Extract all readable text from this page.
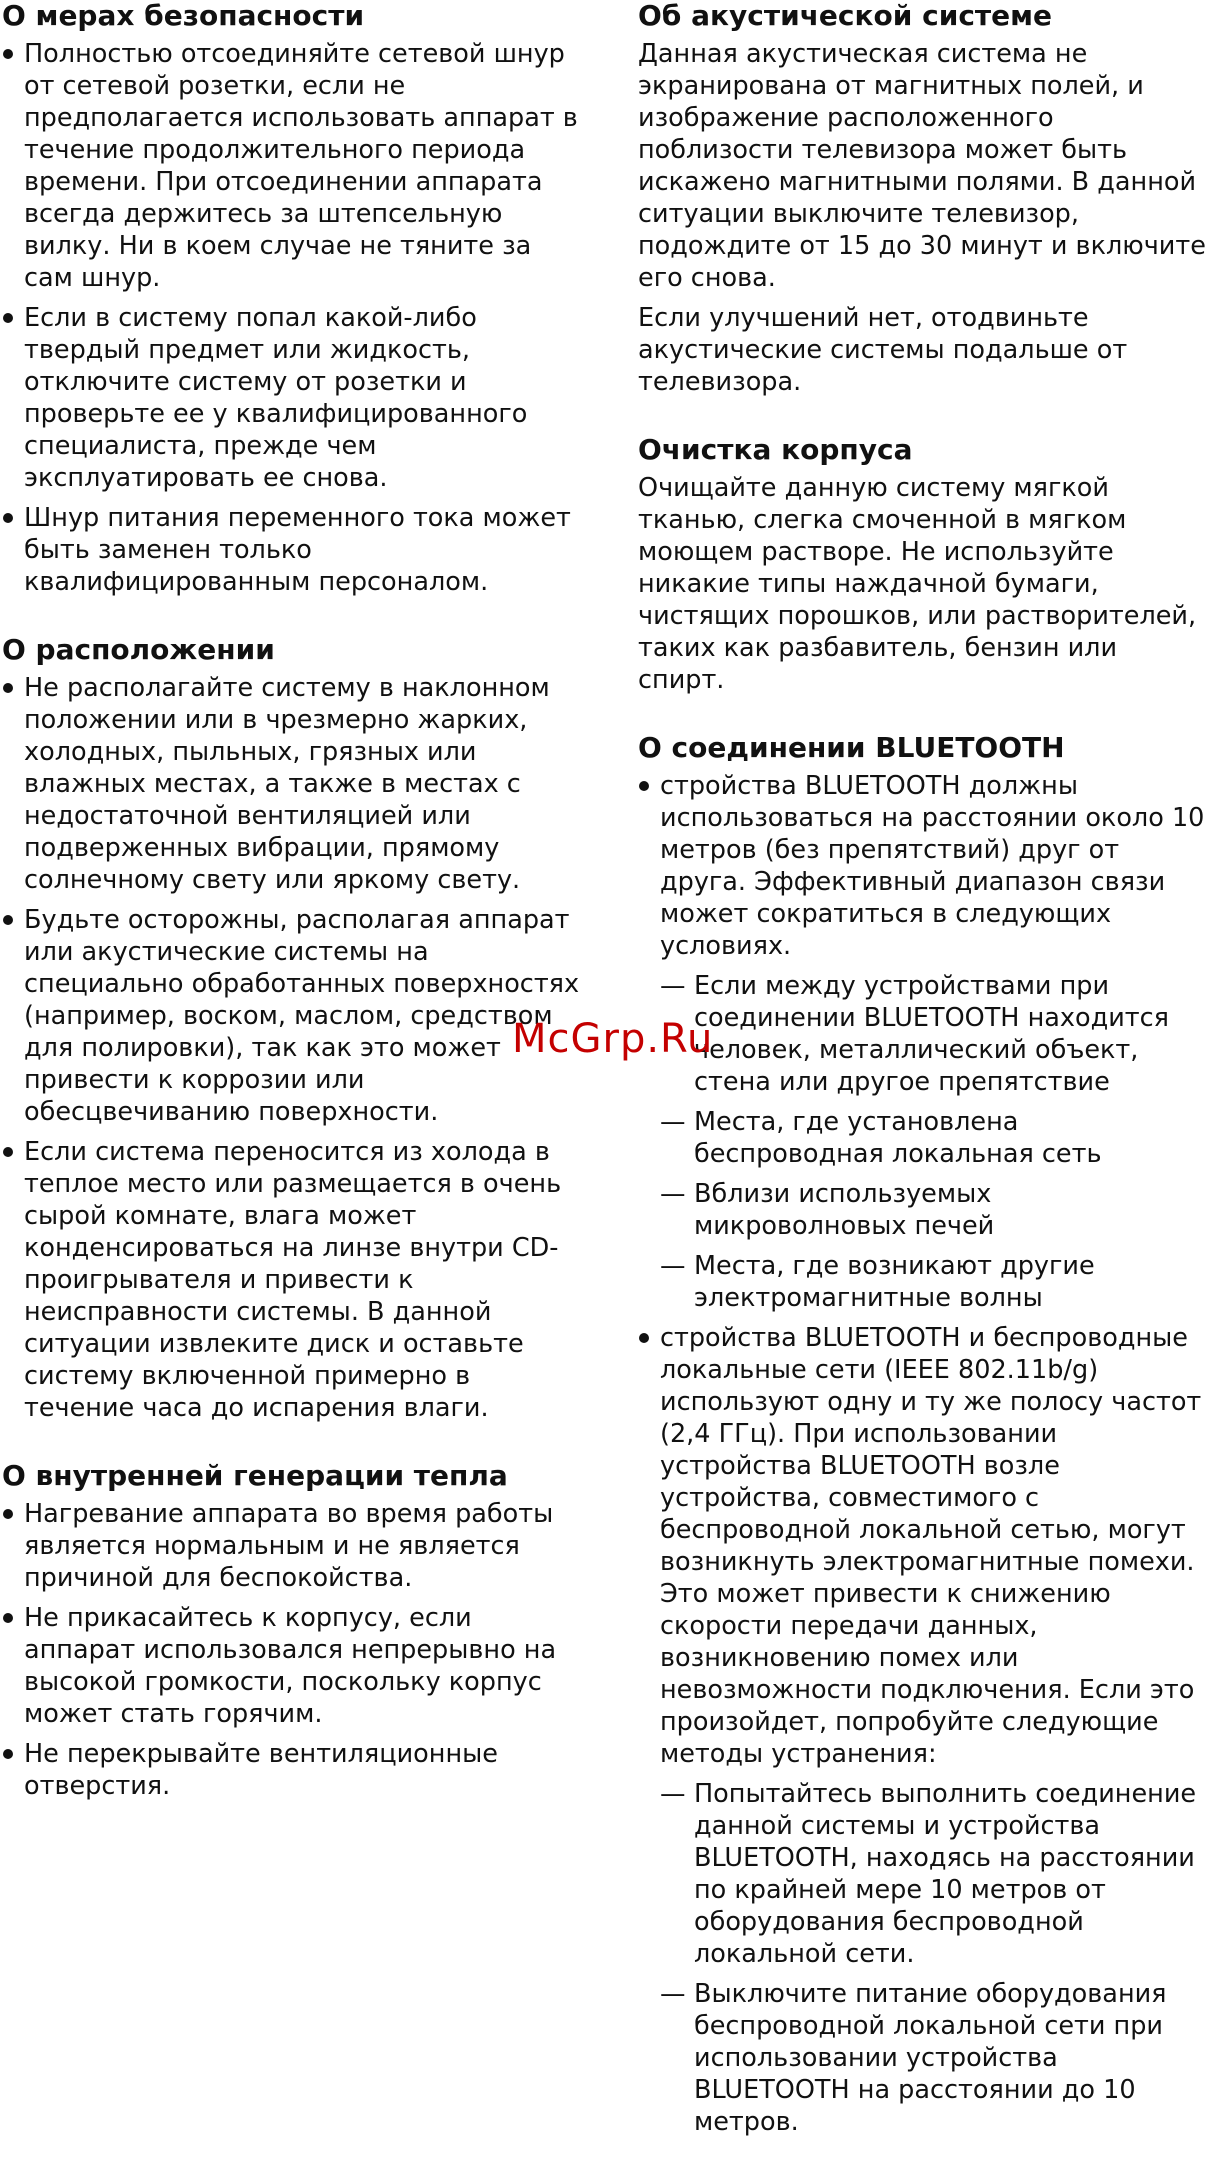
О мерах безопасности
Полностью отсоединяйте сетевой шнур от сетевой розетки, если не предполагается использовать аппарат в течение продолжительного периода времени. При отсоединении аппарата всегда держитесь за штепсельную вилку. Ни в коем случае не тяните за сам шнур.
Если в систему попал какой-либо твердый предмет или жидкость, отключите систему от розетки и проверьте ее у квалифицированного специалиста, прежде чем эксплуатировать ее снова.
Шнур питания переменного тока может быть заменен только квалифицированным персоналом.
О расположении
Не располагайте систему в наклонном положении или в чрезмерно жарких, холодных, пыльных, грязных или влажных местах, а также в местах с недостаточной вентиляцией или подверженных вибрации, прямому солнечному свету или яркому свету.
Будьте осторожны, располагая аппарат или акустические системы на специально обработанных поверхностях (например, воском, маслом, средством для полировки), так как это может привести к коррозии или обесцвечиванию поверхности.
Если система переносится из холода в теплое место или размещается в очень сырой комнате, влага может конденсироваться на линзе внутри CD-проигрывателя и привести к неисправности системы. В данной ситуации извлеките диск и оставьте систему включенной примерно в течение часа до испарения влаги.
О внутренней генерации тепла
Нагревание аппарата во время работы является нормальным и не является причиной для беспокойства.
Не прикасайтесь к корпусу, если аппарат использовался непрерывно на высокой громкости, поскольку корпус может стать горячим.
Не перекрывайте вентиляционные отверстия.
Об акустической системе

Данная акустическая система не экранирована от магнитных полей, и изображение расположенного поблизости телевизора может быть искажено магнитными полями. В данной ситуации выключите телевизор, подождите от 15 до 30 минут и включите его снова.

Если улучшений нет, отодвиньте акустические системы подальше от телевизора.

Очистка корпуса

Очищайте данную систему мягкой тканью, слегка смоченной в мягком моющем растворе. Не используйте никакие типы наждачной бумаги, чистящих порошков, или растворителей, таких как разбавитель, бензин или спирт.

О соединении BLUETOOTH
стройства BLUETOOTH должны использоваться на расстоянии около 10 метров (без препятствий) друг от друга. Эффективный диапазон связи может сократиться в следующих условиях.
— Если между устройствами при соединении BLUETOOTH находится человек, металлический объект, стена или другое препятствие
— Места, где установлена беспроводная локальная сеть
— Вблизи используемых микроволновых печей
— Места, где возникают другие электромагнитные волны
стройства BLUETOOTH и беспроводные локальные сети (IEEE 802.11b/g) используют одну и ту же полосу частот (2,4 ГГц). При использовании устройства BLUETOOTH возле устройства, совместимого с беспроводной локальной сетью, могут возникнуть электромагнитные помехи. Это может привести к снижению скорости передачи данных, возникновению помех или невозможности подключения. Если это произойдет, попробуйте следующие методы устранения:
— Попытайтесь выполнить соединение данной системы и устройства BLUETOOTH, находясь на расстоянии по крайней мере 10 метров от оборудования беспроводной локальной сети.
— Выключите питание оборудования беспроводной локальной сети при использовании устройства BLUETOOTH на расстоянии до 10 метров.
McGrp.Ru
